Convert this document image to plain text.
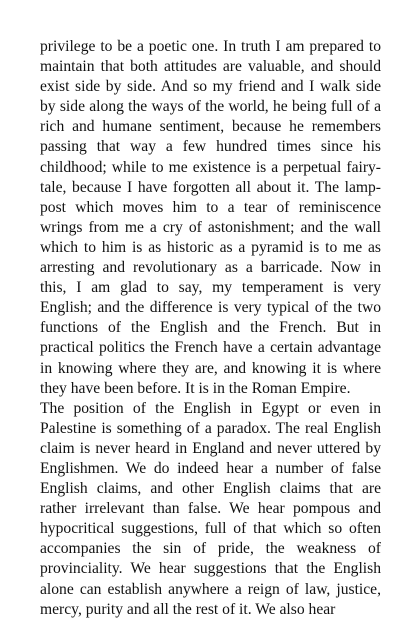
privilege to be a poetic one. In truth I am prepared to maintain that both attitudes are valuable, and should exist side by side. And so my friend and I walk side by side along the ways of the world, he being full of a rich and humane sentiment, because he remembers passing that way a few hundred times since his childhood; while to me existence is a perpetual fairy-tale, because I have forgotten all about it. The lamp-post which moves him to a tear of reminiscence wrings from me a cry of astonishment; and the wall which to him is as historic as a pyramid is to me as arresting and revolutionary as a barricade. Now in this, I am glad to say, my temperament is very English; and the difference is very typical of the two functions of the English and the French. But in practical politics the French have a certain advantage in knowing where they are, and knowing it is where they have been before. It is in the Roman Empire.

The position of the English in Egypt or even in Palestine is something of a paradox. The real English claim is never heard in England and never uttered by Englishmen. We do indeed hear a number of false English claims, and other English claims that are rather irrelevant than false. We hear pompous and hypocritical suggestions, full of that which so often accompanies the sin of pride, the weakness of provinciality. We hear suggestions that the English alone can establish anywhere a reign of law, justice, mercy, purity and all the rest of it. We also hear
